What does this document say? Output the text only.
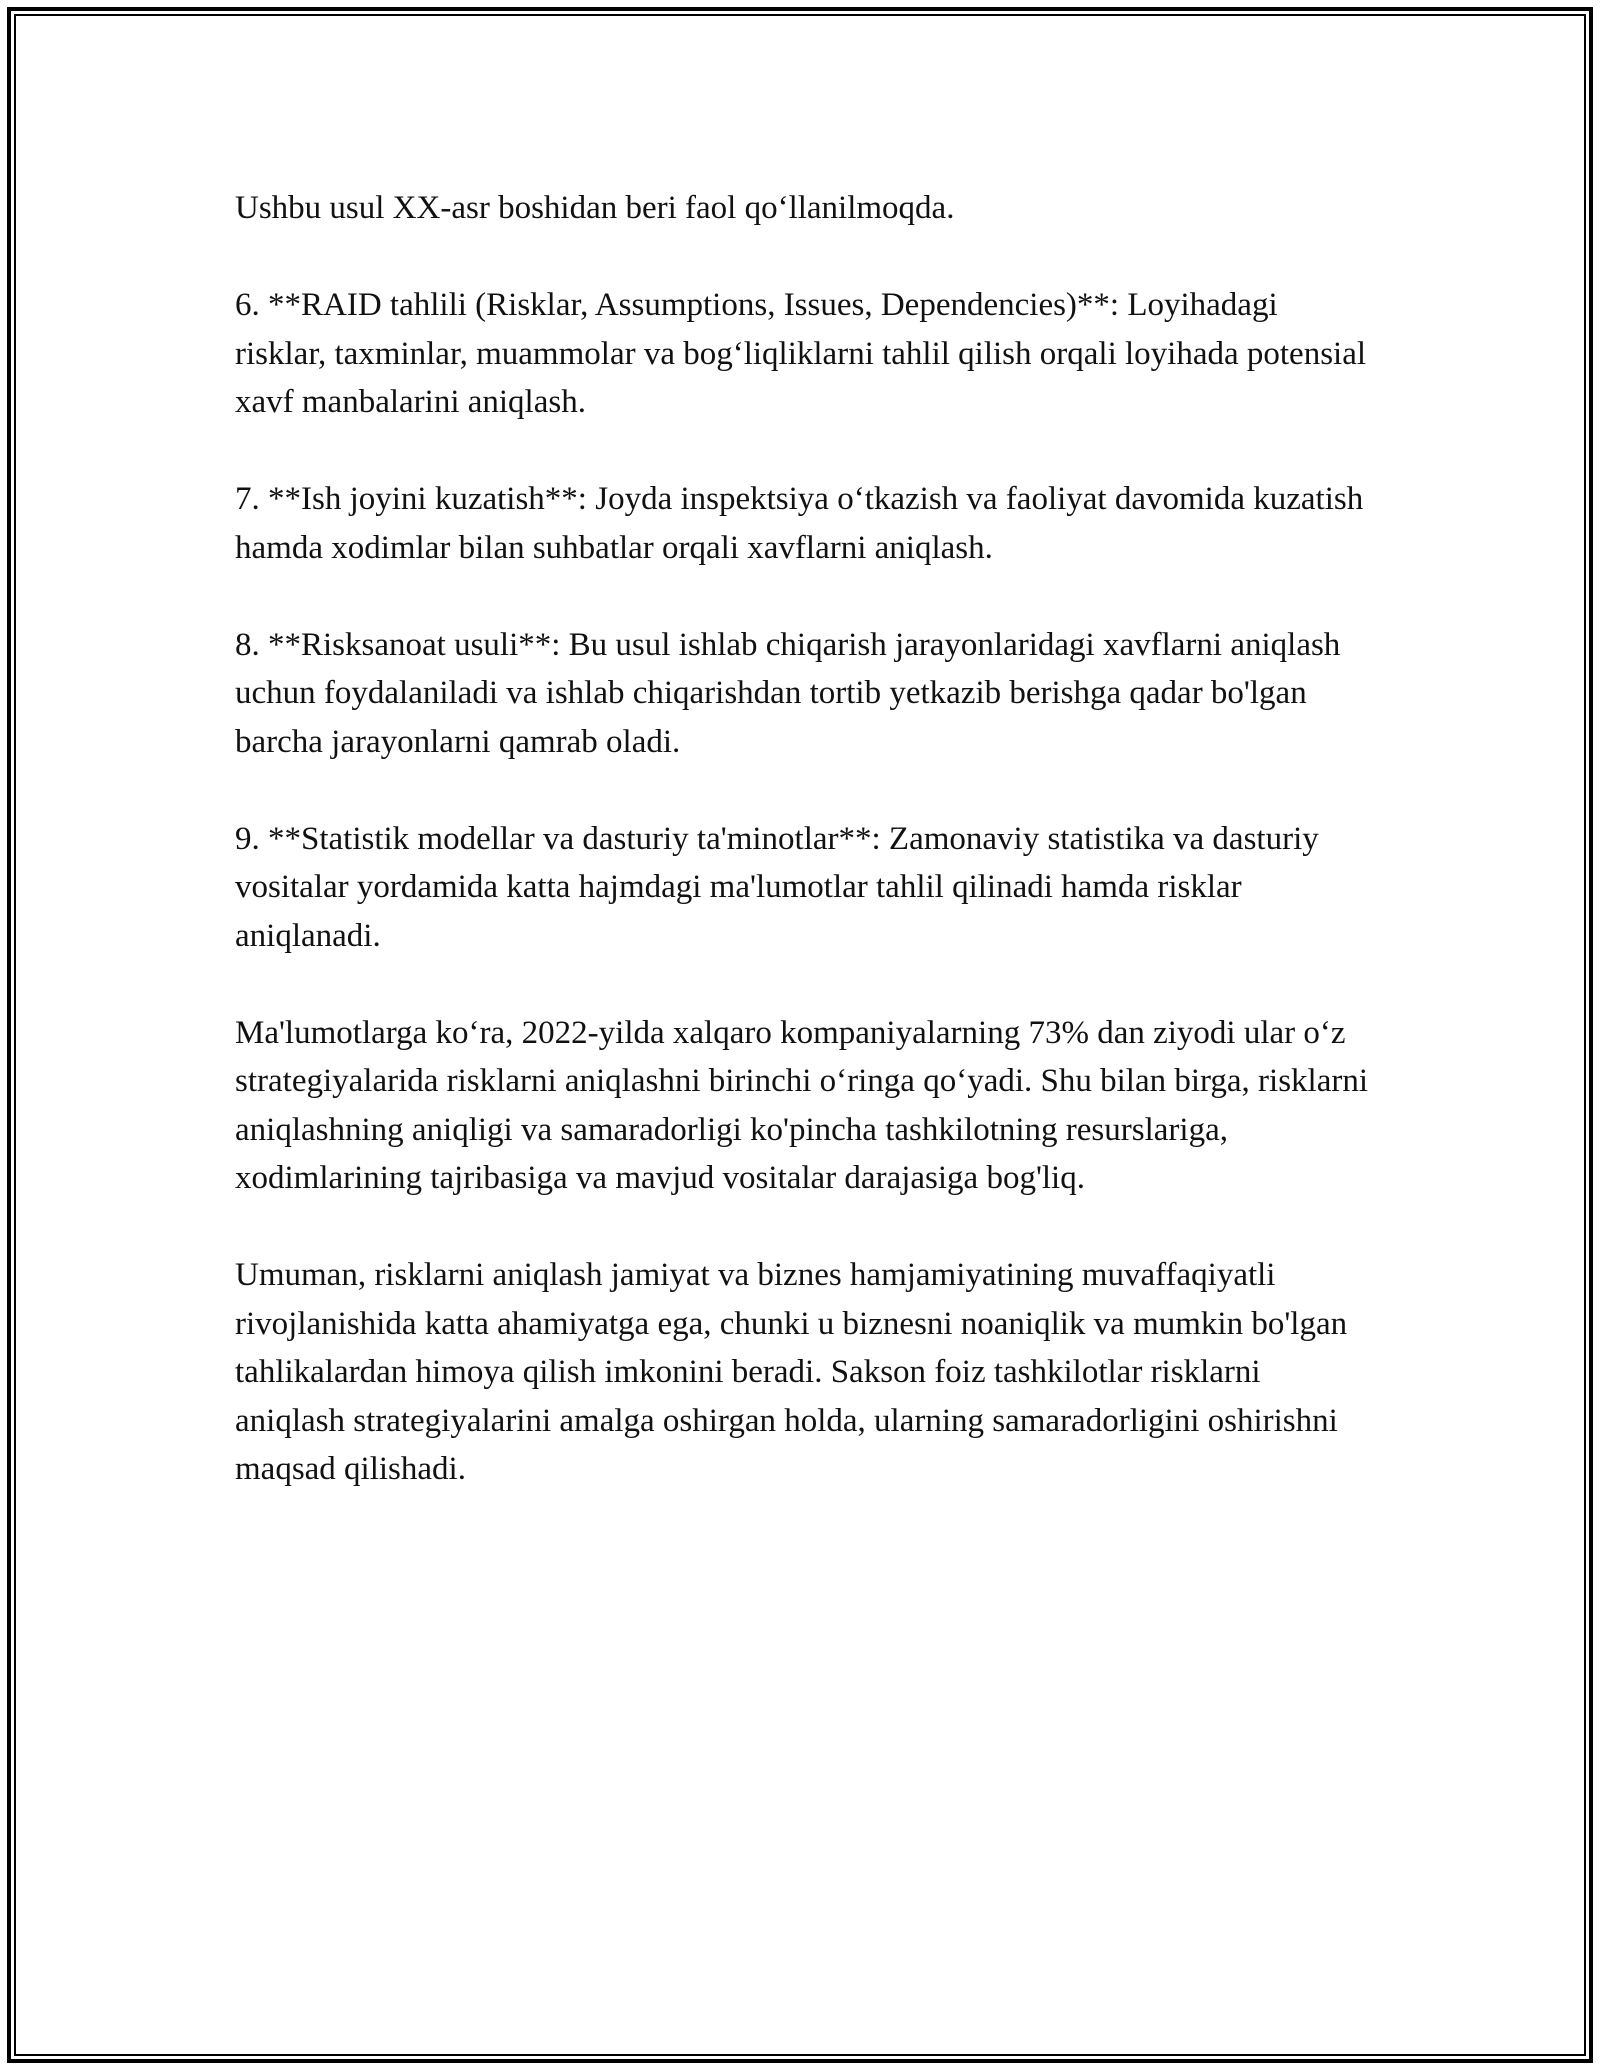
Ushbu usul XX-asr boshidan beri faol qo‘llanilmoqda.

6. **RAID tahlili (Risklar, Assumptions, Issues, Dependencies)**: Loyihadagi risklar, taxminlar, muammolar va bog‘liqliklarni tahlil qilish orqali loyihada potensial xavf manbalarini aniqlash.

7. **Ish joyini kuzatish**: Joyda inspektsiya o‘tkazish va faoliyat davomida kuzatish hamda xodimlar bilan suhbatlar orqali xavflarni aniqlash.

8. **Risksanoat usuli**: Bu usul ishlab chiqarish jarayonlaridagi xavflarni aniqlash uchun foydalaniladi va ishlab chiqarishdan tortib yetkazib berishga qadar bo'lgan barcha jarayonlarni qamrab oladi.

9. **Statistik modellar va dasturiy ta'minotlar**: Zamonaviy statistika va dasturiy vositalar yordamida katta hajmdagi ma'lumotlar tahlil qilinadi hamda risklar aniqlanadi.

Ma'lumotlarga ko‘ra, 2022-yilda xalqaro kompaniyalarning 73% dan ziyodi ular o‘z strategiyalarida risklarni aniqlashni birinchi o‘ringa qo‘yadi. Shu bilan birga, risklarni aniqlashning aniqligi va samaradorligi ko'pincha tashkilotning resurslariga, xodimlarining tajribasiga va mavjud vositalar darajasiga bog'liq.

Umuman, risklarni aniqlash jamiyat va biznes hamjamiyatining muvaffaqiyatli rivojlanishida katta ahamiyatga ega, chunki u biznesni noaniqlik va mumkin bo'lgan tahlikalardan himoya qilish imkonini beradi. Sakson foiz tashkilotlar risklarni aniqlash strategiyalarini amalga oshirgan holda, ularning samaradorligini oshirishni maqsad qilishadi.
